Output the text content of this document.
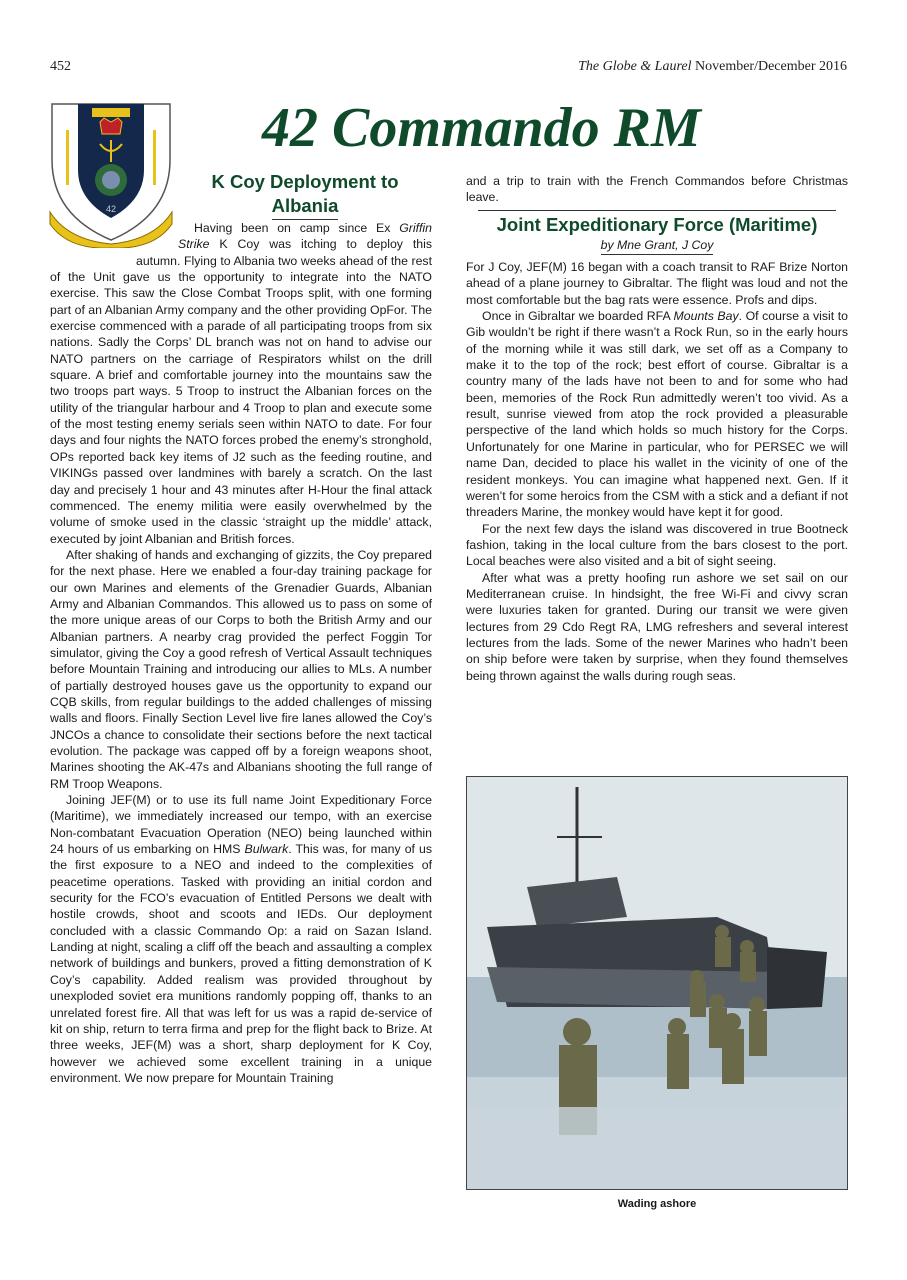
452	The Globe & Laurel November/December 2016
42 Commando RM
42
K Coy Deployment to
Albania

Having been on camp since Ex Griffin Strike K Coy was itching to deploy this autumn. Flying to Albania two weeks ahead of the rest of the Unit gave us the opportunity to integrate into the NATO exercise. This saw the Close Combat Troops split, with one forming part of an Albanian Army company and the other providing OpFor. The exercise commenced with a parade of all participating troops from six nations. Sadly the Corps’ DL branch was not on hand to advise our NATO partners on the carriage of Respirators whilst on the drill square. A brief and comfortable journey into the mountains saw the two troops part ways. 5 Troop to instruct the Albanian forces on the utility of the triangular harbour and 4 Troop to plan and execute some of the most testing enemy serials seen within NATO to date. For four days and four nights the NATO forces probed the enemy’s stronghold, OPs reported back key items of J2 such as the feeding routine, and VIKINGs passed over landmines with barely a scratch. On the last day and precisely 1 hour and 43 minutes after H-Hour the final attack commenced. The enemy militia were easily overwhelmed by the volume of smoke used in the classic ‘straight up the middle’ attack, executed by joint Albanian and British forces.

After shaking of hands and exchanging of gizzits, the Coy prepared for the next phase. Here we enabled a four-day training package for our own Marines and elements of the Grenadier Guards, Albanian Army and Albanian Commandos. This allowed us to pass on some of the more unique areas of our Corps to both the British Army and our Albanian partners. A nearby crag provided the perfect Foggin Tor simulator, giving the Coy a good refresh of Vertical Assault techniques before Mountain Training and introducing our allies to MLs. A number of partially destroyed houses gave us the opportunity to expand our CQB skills, from regular buildings to the added challenges of missing walls and floors. Finally Section Level live fire lanes allowed the Coy’s JNCOs a chance to consolidate their sections before the next tactical evolution. The package was capped off by a foreign weapons shoot, Marines shooting the AK-47s and Albanians shooting the full range of RM Troop Weapons.

Joining JEF(M) or to use its full name Joint Expeditionary Force (Maritime), we immediately increased our tempo, with an exercise Non-combatant Evacuation Operation (NEO) being launched within 24 hours of us embarking on HMS Bulwark. This was, for many of us the first exposure to a NEO and indeed to the complexities of peacetime operations. Tasked with providing an initial cordon and security for the FCO’s evacuation of Entitled Persons we dealt with hostile crowds, shoot and scoots and IEDs. Our deployment concluded with a classic Commando Op: a raid on Sazan Island. Landing at night, scaling a cliff off the beach and assaulting a complex network of buildings and bunkers, proved a fitting demonstration of K Coy’s capability. Added realism was provided throughout by unexploded soviet era munitions randomly popping off, thanks to an unrelated forest fire. All that was left for us was a rapid de-service of kit on ship, return to terra firma and prep for the flight back to Brize. At three weeks, JEF(M) was a short, sharp deployment for K Coy, however we achieved some excellent training in a unique environment. We now prepare for Mountain Training

and a trip to train with the French Commandos before Christmas leave.

Joint Expeditionary Force (Maritime)
by Mne Grant, J Coy

For J Coy, JEF(M) 16 began with a coach transit to RAF Brize Norton ahead of a plane journey to Gibraltar. The flight was loud and not the most comfortable but the bag rats were essence. Profs and dips.

Once in Gibraltar we boarded RFA Mounts Bay. Of course a visit to Gib wouldn’t be right if there wasn’t a Rock Run, so in the early hours of the morning while it was still dark, we set off as a Company to make it to the top of the rock; best effort of course. Gibraltar is a country many of the lads have not been to and for some who had been, memories of the Rock Run admittedly weren’t too vivid. As a result, sunrise viewed from atop the rock provided a pleasurable perspective of the land which holds so much history for the Corps. Unfortunately for one Marine in particular, who for PERSEC we will name Dan, decided to place his wallet in the vicinity of one of the resident monkeys. You can imagine what happened next. Gen. If it weren’t for some heroics from the CSM with a stick and a defiant if not threaders Marine, the monkey would have kept it for good.

For the next few days the island was discovered in true Bootneck fashion, taking in the local culture from the bars closest to the port. Local beaches were also visited and a bit of sight seeing.

After what was a pretty hoofing run ashore we set sail on our Mediterranean cruise. In hindsight, the free Wi-Fi and civvy scran were luxuries taken for granted. During our transit we were given lectures from 29 Cdo Regt RA, LMG refreshers and several interest lectures from the lads. Some of the newer Marines who hadn’t been on ship before were taken by surprise, when they found themselves being thrown against the walls during rough seas.

Wading ashore
